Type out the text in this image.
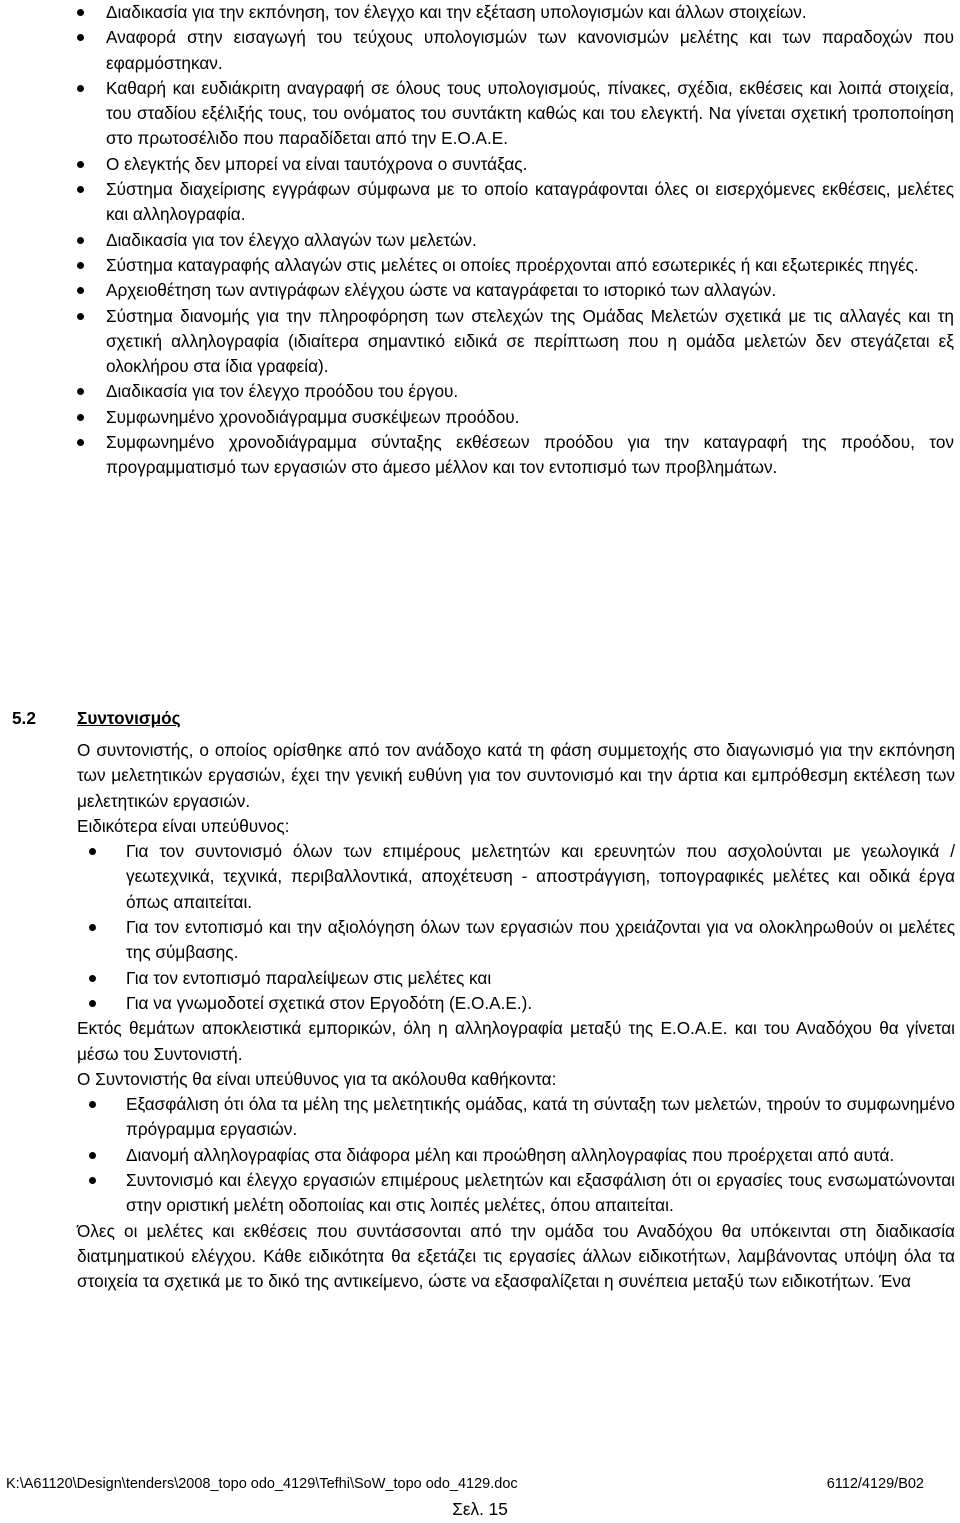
Διαδικασία για την εκπόνηση, τον έλεγχο και την εξέταση υπολογισμών και άλλων στοιχείων.
Αναφορά στην εισαγωγή του τεύχους υπολογισμών των κανονισμών μελέτης και των παραδοχών που εφαρμόστηκαν.
Καθαρή και ευδιάκριτη αναγραφή σε όλους τους υπολογισμούς, πίνακες, σχέδια, εκθέσεις και λοιπά στοιχεία, του σταδίου εξέλιξής τους, του ονόματος του συντάκτη καθώς και του ελεγκτή. Να γίνεται σχετική τροποποίηση στο πρωτοσέλιδο που παραδίδεται από την Ε.Ο.Α.Ε.
Ο ελεγκτής δεν μπορεί να είναι ταυτόχρονα ο συντάξας.
Σύστημα διαχείρισης εγγράφων σύμφωνα με το οποίο καταγράφονται όλες οι εισερχόμενες εκθέσεις, μελέτες και αλληλογραφία.
Διαδικασία για τον έλεγχο αλλαγών των μελετών.
Σύστημα καταγραφής αλλαγών στις μελέτες οι οποίες προέρχονται από εσωτερικές ή και εξωτερικές πηγές.
Αρχειοθέτηση των αντιγράφων ελέγχου ώστε να καταγράφεται το ιστορικό των αλλαγών.
Σύστημα διανομής για την πληροφόρηση των στελεχών της Ομάδας Μελετών σχετικά με τις αλλαγές και τη σχετική αλληλογραφία (ιδιαίτερα σημαντικό ειδικά σε περίπτωση που η ομάδα μελετών δεν στεγάζεται εξ ολοκλήρου στα ίδια γραφεία).
Διαδικασία για τον έλεγχο προόδου του έργου.
Συμφωνημένο χρονοδιάγραμμα συσκέψεων προόδου.
Συμφωνημένο χρονοδιάγραμμα σύνταξης εκθέσεων προόδου για την καταγραφή της προόδου, τον προγραμματισμό των εργασιών στο άμεσο μέλλον και τον εντοπισμό των προβλημάτων.
5.2 Συντονισμός

Ο συντονιστής, ο οποίος ορίσθηκε από τον ανάδοχο κατά τη φάση συμμετοχής στο διαγωνισμό για την εκπόνηση των μελετητικών εργασιών, έχει την γενική ευθύνη για τον συντονισμό και την άρτια και εμπρόθεσμη εκτέλεση των μελετητικών εργασιών.

Ειδικότερα είναι υπεύθυνος:

Για τον συντονισμό όλων των επιμέρους μελετητών και ερευνητών που ασχολούνται με γεωλογικά / γεωτεχνικά, τεχνικά, περιβαλλοντικά, αποχέτευση - αποστράγγιση, τοπογραφικές μελέτες και οδικά έργα όπως απαιτείται.
Για τον εντοπισμό και την αξιολόγηση όλων των εργασιών που χρειάζονται για να ολοκληρωθούν οι μελέτες της σύμβασης.
Για τον εντοπισμό παραλείψεων στις μελέτες και
Για να γνωμοδοτεί σχετικά στον Εργοδότη (Ε.Ο.Α.Ε.).

Εκτός θεμάτων αποκλειστικά εμπορικών, όλη η αλληλογραφία μεταξύ της Ε.Ο.Α.Ε. και του Αναδόχου θα γίνεται μέσω του Συντονιστή.

Ο Συντονιστής θα είναι υπεύθυνος για τα ακόλουθα καθήκοντα:

Εξασφάλιση ότι όλα τα μέλη της μελετητικής ομάδας, κατά τη σύνταξη των μελετών, τηρούν το συμφωνημένο πρόγραμμα εργασιών.
Διανομή αλληλογραφίας στα διάφορα μέλη και προώθηση αλληλογραφίας που προέρχεται από αυτά.
Συντονισμό και έλεγχο εργασιών επιμέρους μελετητών και εξασφάλιση ότι οι εργασίες τους ενσωματώνονται στην οριστική μελέτη οδοποιίας και στις λοιπές μελέτες, όπου απαιτείται.

Όλες οι μελέτες και εκθέσεις που συντάσσονται από την ομάδα του Αναδόχου θα υπόκεινται στη διαδικασία διατμηματικού ελέγχου. Κάθε ειδικότητα θα εξετάζει τις εργασίες άλλων ειδικοτήτων, λαμβάνοντας υπόψη όλα τα στοιχεία τα σχετικά με το δικό της αντικείμενο, ώστε να εξασφαλίζεται η συνέπεια μεταξύ των ειδικοτήτων. Ένα

K:\A61120\Design\tenders\2008_topo odo_4129\Tefhi\SoW_topo odo_4129.doc	6112/4129/B02
Σελ. 15
